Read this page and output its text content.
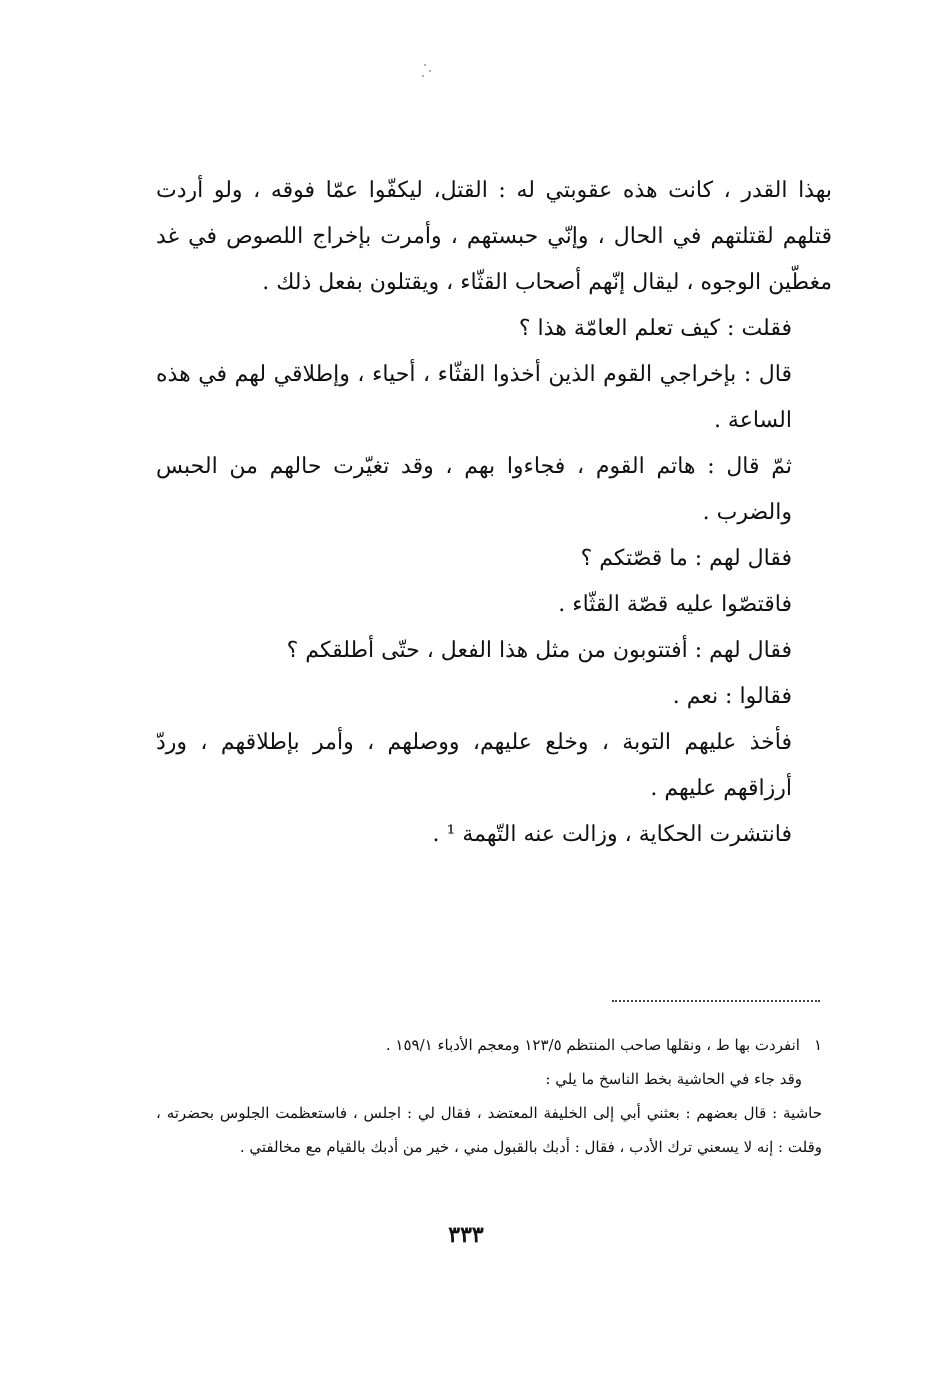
بهذا القدر ، كانت هذه عقوبتي له : القتل، ليكفّوا عمّا فوقه ، ولو أردت قتلهم لقتلتهم في الحال ، وإنّي حبستهم ، وأمرت بإخراج اللصوص في غد مغطّين الوجوه ، ليقال إنّهم أصحاب القثّاء ، ويقتلون بفعل ذلك .

فقلت : كيف تعلم العامّة هذا ؟

قال : بإخراجي القوم الذين أخذوا القثّاء ، أحياء ، وإطلاقي لهم في هذه الساعة .

ثمّ قال : هاتم القوم ، فجاءوا بهم ، وقد تغيّرت حالهم من الحبس والضرب .

فقال لهم : ما قصّتكم ؟

فاقتصّوا عليه قصّة القثّاء .

فقال لهم : أفتتوبون من مثل هذا الفعل ، حتّى أطلقكم ؟

فقالوا : نعم .

فأخذ عليهم التوبة ، وخلع عليهم، ووصلهم ، وأمر بإطلاقهم ، وردّ أرزاقهم عليهم .

فانتشرت الحكاية ، وزالت عنه التّهمة ¹ .

١انفردت بها ط ، ونقلها صاحب المنتظم ١٢٣/٥ ومعجم الأدباء ١٥٩/١ .

وقد جاء في الحاشية بخط الناسخ ما يلي :

حاشية : قال بعضهم : بعثني أبي إلى الخليفة المعتضد ، فقال لي : اجلس ، فاستعظمت الجلوس بحضرته ، وقلت : إنه لا يسعني ترك الأدب ، فقال : أدبك بالقبول مني ، خير من أدبك بالقيام مع مخالفتي .

٣٣٣
